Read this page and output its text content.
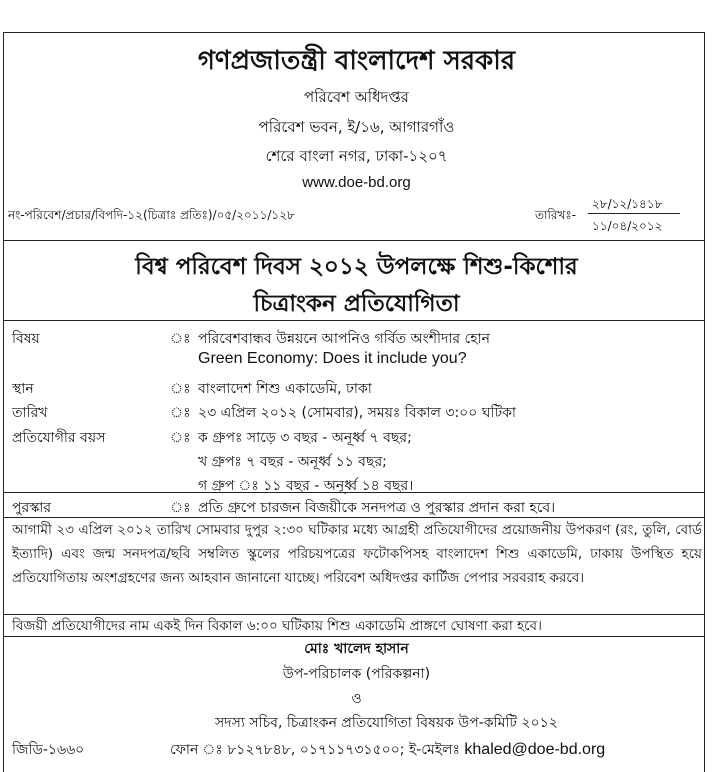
গণপ্রজাতন্ত্রী বাংলাদেশ সরকার
পরিবেশ অধিদপ্তর
পরিবেশ ভবন, ই/১৬, আগারগাঁও
শেরে বাংলা নগর, ঢাকা-১২০৭
www.doe-bd.org
নং-পরিবেশ/প্রচার/বিপদি-১২(চিত্রাঃ প্রতিঃ)/০৫/২০১১/১২৮	তারিখঃ-
২৮/১২/১৪১৮
১১/০৪/২০১২
বিশ্ব পরিবেশ দিবস ২০১২ উপলক্ষে শিশু-কিশোর
চিত্রাংকন প্রতিযোগিতা
বিষয়	ঃ পরিবেশবান্ধব উন্নয়নে আপনিও গর্বিত অংশীদার হোন
Green Economy: Does it include you?
স্থান	ঃ বাংলাদেশ শিশু একাডেমি, ঢাকা
তারিখ	ঃ ২৩ এপ্রিল ২০১২ (সোমবার), সময়ঃ বিকাল ৩:০০ ঘটিকা
প্রতিযোগীর বয়স	ঃ ক গ্রুপঃ সাড়ে ৩ বছর - অনূর্ধ্ব ৭ বছর;
খ গ্রুপঃ ৭ বছর - অনূর্ধ্ব ১১ বছর;
গ গ্রুপ ঃ ১১ বছর - অনূর্ধ্ব ১৪ বছর।
পুরস্কার	ঃ প্রতি গ্রুপে চারজন বিজয়ীকে সনদপত্র ও পুরস্কার প্রদান করা হবে।
আগামী ২৩ এপ্রিল ২০১২ তারিখ সোমবার দুপুর ২:৩০ ঘটিকার মধ্যে আগ্রহী প্রতিযোগীদের প্রয়োজনীয় উপকরণ (রং, তুলি, বোর্ড ইত্যাদি) এবং জন্ম সনদপত্র/ছবি সম্বলিত স্কুলের পরিচয়পত্রের ফটোকপিসহ বাংলাদেশ শিশু একাডেমি, ঢাকায় উপস্থিত হয়ে প্রতিযোগিতায় অংশগ্রহণের জন্য আহবান জানানো যাচ্ছে। পরিবেশ অধিদপ্তর কার্টিজ পেপার সরবরাহ করবে।
বিজয়ী প্রতিযোগীদের নাম একই দিন বিকাল ৬:০০ ঘটিকায় শিশু একাডেমি প্রাঙ্গণে ঘোষণা করা হবে।
মোঃ খালেদ হাসান
উপ-পরিচালক (পরিকল্পনা)
ও
সদস্য সচিব, চিত্রাংকন প্রতিযোগিতা বিষয়ক উপ-কমিটি ২০১২
জিডি-১৬৬০	ফোন ঃ ৮১২৭৮৪৮, ০১৭১১৭৩১৫০০; ই-মেইলঃ khaled@doe-bd.org
